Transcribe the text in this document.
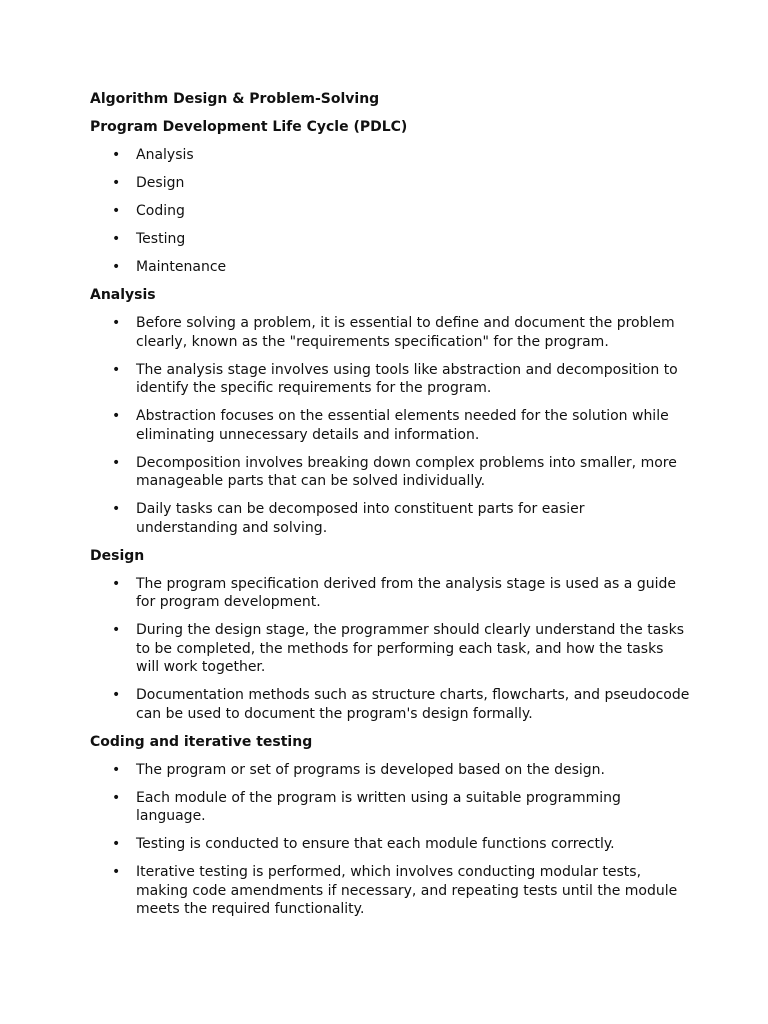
Algorithm Design & Problem-Solving
Program Development Life Cycle (PDLC)
• Analysis
• Design
• Coding
• Testing
• Maintenance
Analysis
• Before solving a problem, it is essential to define and document the problem clearly, known as the "requirements specification" for the program.
• The analysis stage involves using tools like abstraction and decomposition to identify the specific requirements for the program.
• Abstraction focuses on the essential elements needed for the solution while eliminating unnecessary details and information.
• Decomposition involves breaking down complex problems into smaller, more manageable parts that can be solved individually.
• Daily tasks can be decomposed into constituent parts for easier understanding and solving.
Design
• The program specification derived from the analysis stage is used as a guide for program development.
• During the design stage, the programmer should clearly understand the tasks to be completed, the methods for performing each task, and how the tasks will work together.
• Documentation methods such as structure charts, flowcharts, and pseudocode can be used to document the program's design formally.
Coding and iterative testing
• The program or set of programs is developed based on the design.
• Each module of the program is written using a suitable programming language.
• Testing is conducted to ensure that each module functions correctly.
• Iterative testing is performed, which involves conducting modular tests, making code amendments if necessary, and repeating tests until the module meets the required functionality.
